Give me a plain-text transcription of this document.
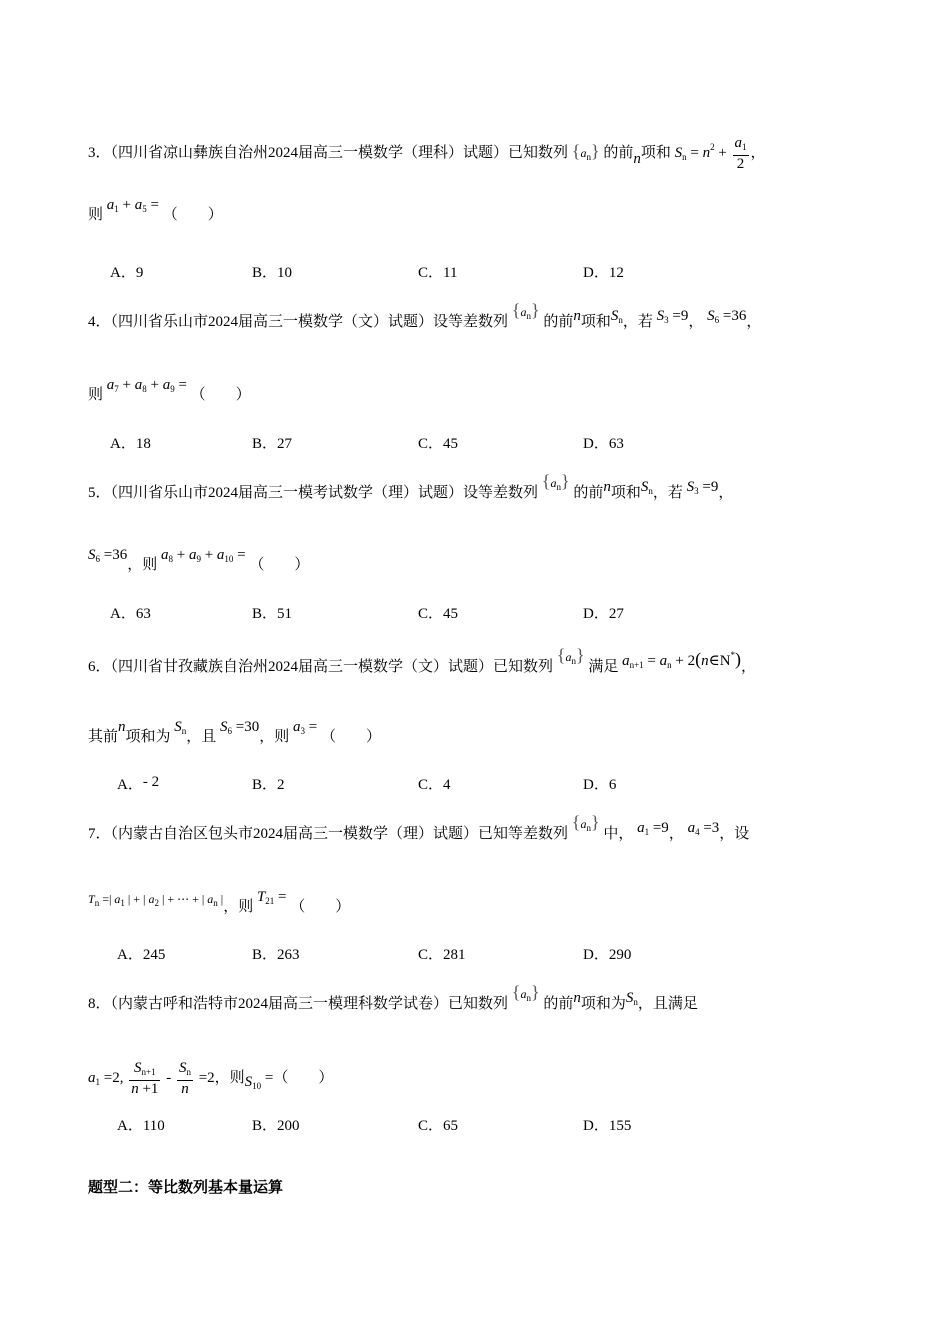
3．（四川省凉山彝族自治州2024届高三一模数学（理科）试题）已知数列 $\{a_n\}$ 的前n项和 $S_n = n^2 + \frac{a_1}{2}$ ，
则 $a_1 + a_5$ = （　　）
A．9	B．10	C．11	D．12
4．（四川省乐山市2024届高三一模数学（文）试题）设等差数列 $\{a_n\}$ 的前n项和$S_n$，若 $S_3 =9$， $S_6 =36$，
则 $a_7 + a_8 + a_9$ = （　　）
A．18	B．27	C．45	D．63
5．（四川省乐山市2024届高三一模考试数学（理）试题）设等差数列 $\{a_n\}$ 的前n项和$S_n$，若 $S_3 =9$，
$S_6 =36$，则 $a_8 + a_9 + a_{10}$ = （　　）
A．63	B．51	C．45	D．27
6．（四川省甘孜藏族自治州2024届高三一模数学（文）试题）已知数列 $\{a_n\}$ 满足 $a_{n+1} = a_n$ + 2(n∈N*)，
其前n项和为 $S_n$，且 $S_6 =30$，则 $a_3$ = （　　）
A．- 2	B．2	C．4	D．6
7．（内蒙古自治区包头市2024届高三一模数学（理）试题）已知等差数列 $\{a_n\}$ 中， $a_1 =9$， $a_4 =3$，设
$^{T_n =| a_1 | + | a_2 | + \cdots + | a_n |}$，则 $T_{21}$ = （　　）
A．245	B．263	C．281	D．290
8．（内蒙古呼和浩特市2024届高三一模理科数学试卷）已知数列 $\{a_n\}$ 的前n项和为$S_n$，且满足
$a_1 =2$, $\frac{S_{n+1}}{n +1} - \frac{S_n}{n} =2$，则$S_{10}$ =（　　）
A．110	B．200	C．65	D．155
题型二：等比数列基本量运算
